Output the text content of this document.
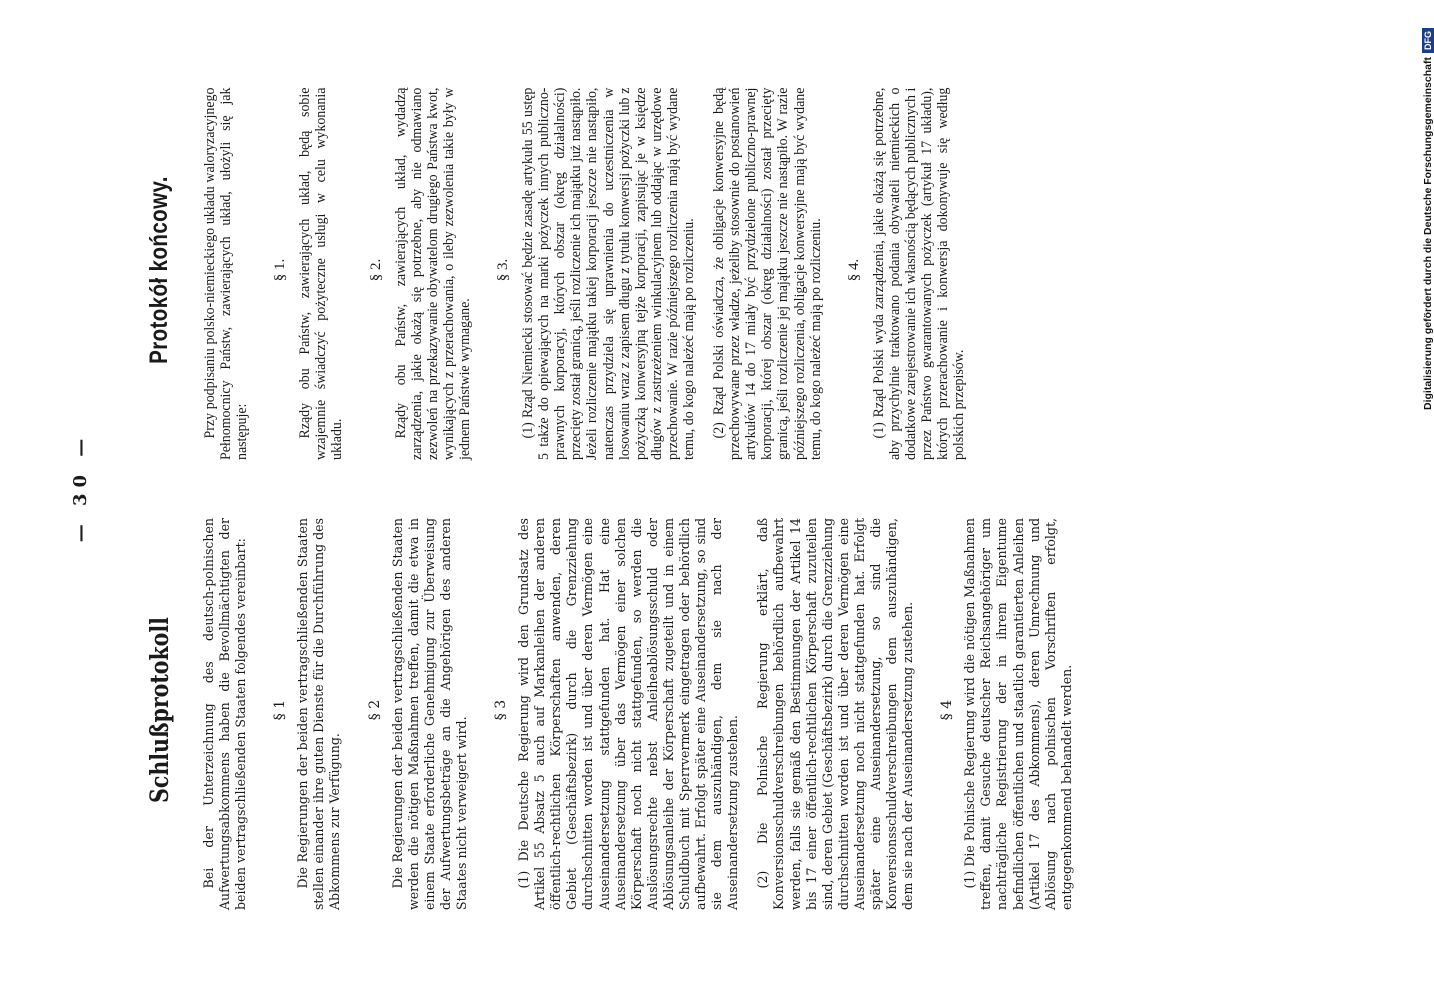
— 30 —
Schlußprotokoll Bei der Unterzeichnung des deutsch-polnischen Aufwertungsabkommens haben die Bevollmächtigten der beiden vertragschließenden Staaten folgendes vereinbart: § 1 Die Regierungen der beiden vertragschließenden Staaten stellen einander ihre guten Dienste für die Durchführung des Abkommens zur Verfügung.

§ 2 Die Regierungen der beiden vertragschließenden Staaten werden die nötigen Maßnahmen treffen, damit die etwa in einem Staate erforderliche Genehmigung zur Überweisung der Aufwertungsbeträge an die Angehörigen des anderen Staates nicht verweigert wird.

§ 3 (1) Die Deutsche Regierung wird den Grundsatz des Artikel 55 Absatz 5 auch auf Markanleihen der anderen öffentlich-rechtlichen Körperschaften anwenden, deren Gebiet (Geschäftsbezirk) durch die Grenzziehung durchschnitten worden ist und über deren Vermögen eine Auseinandersetzung stattgefunden hat. Hat eine Auseinandersetzung über das Vermögen einer solchen Körperschaft noch nicht stattgefunden, so werden die Auslösungsrechte nebst Anleiheablösungsschuld oder Ablösungsanleihe der Körperschaft zugeteilt und in einem Schuldbuch mit Sperrvermerk eingetragen oder behördlich aufbewahrt. Erfolgt später eine Auseinandersetzung, so sind sie dem auszuhändigen, dem sie nach der Auseinandersetzung zustehen. (2) Die Polnische Regierung erklärt, daß Konversionsschuldverschreibungen behördlich aufbewahrt werden, falls sie gemäß den Bestimmungen der Artikel 14 bis 17 einer öffentlich-rechtlichen Körperschaft zuzuteilen sind, deren Gebiet (Geschäftsbezirk) durch die Grenzziehung durchschnitten worden ist und über deren Vermögen eine Auseinandersetzung noch nicht stattgefunden hat. Erfolgt später eine Auseinandersetzung, so sind die Konversionsschuldverschreibungen dem auszuhändigen, dem sie nach der Auseinandersetzung zustehen. § 4 (1) Die Polnische Regierung wird die nötigen Maßnahmen treffen, damit Gesuche deutscher Reichsangehöriger um nachträgliche Registrierung der in ihrem Eigentume befindlichen öffentlichen und staatlich garantierten Anleihen (Artikel 17 des Abkommens), deren Umrechnung und Ablösung nach polnischen Vorschriften erfolgt, entgegenkommend behandelt werden.

Protokół końcowy. Przy podpisaniu polsko-niemieckiego układu waloryzacyjnego Pełnomocnicy Państw, zawierających układ, ułożyli się jak następuje:

§ 1. Rządy obu Państw, zawierających układ, będą sobie wzajemnie świadczyć pożyteczne usługi w celu wykonania układu.

§ 2. Rządy obu Państw, zawierających układ, wydadzą zarządzenia, jakie okażą się potrzebne, aby nie odmawiano zezwoleń na przekazywanie obywatelom drugiego Państwa kwot, wynikających z przerachowania, o ileby zezwolenia takie były w jednem Państwie wymagane.

§ 3. (1) Rząd Niemiecki stosować będzie zasadę artykułu 55 ustęp 5 także do opiewających na marki pożyczek innych publiczno-prawnych korporacyj, których obszar (okręg działalności) przecięty został granicą, jeśli rozliczenie ich majątku już nastąpiło. Jeżeli rozliczenie majątku takiej korporacji jeszcze nie nastąpiło, natenczas przydziela się uprawnienia do uczestniczenia w losowaniu wraz z zapisem długu z tytułu konwersji pożyczki lub z pożyczką konwersyjną tejże korporacji, zapisując je w księdze długów z zastrzeżeniem winkulacyjnem lub oddając w urzędowe przechowanie. W razie późniejszego rozliczenia mają być wydane temu, do kogo należeć mają po rozliczeniu. (2) Rząd Polski oświadcza, że obligacje konwersyjne będą przechowywane przez władze, jeżeliby stosownie do postanowień artykułów 14 do 17 miały być przydzielone publiczno-prawnej korporacji, której obszar (okręg działalności) został przecięty granicą, jeśli rozliczenie jej majątku jeszcze nie nastąpiło. W razie późniejszego rozliczenia, obligacje konwersyjne mają być wydane temu, do kogo należeć mają po rozliczeniu. § 4. (1) Rząd Polski wyda zarządzenia, jakie okażą się potrzebne, aby przychylnie traktowano podania obywateli niemieckich o dodatkowe zarejestrowanie ich własnością będących publicznych i przez Państwo gwarantowanych pożyczek (artykuł 17 układu), których przerachowanie i konwersja dokonywuje się według polskich przepisów.	Digitalisierung gefördert durch die Deutsche Forschungsgemeinschaft
DFG
